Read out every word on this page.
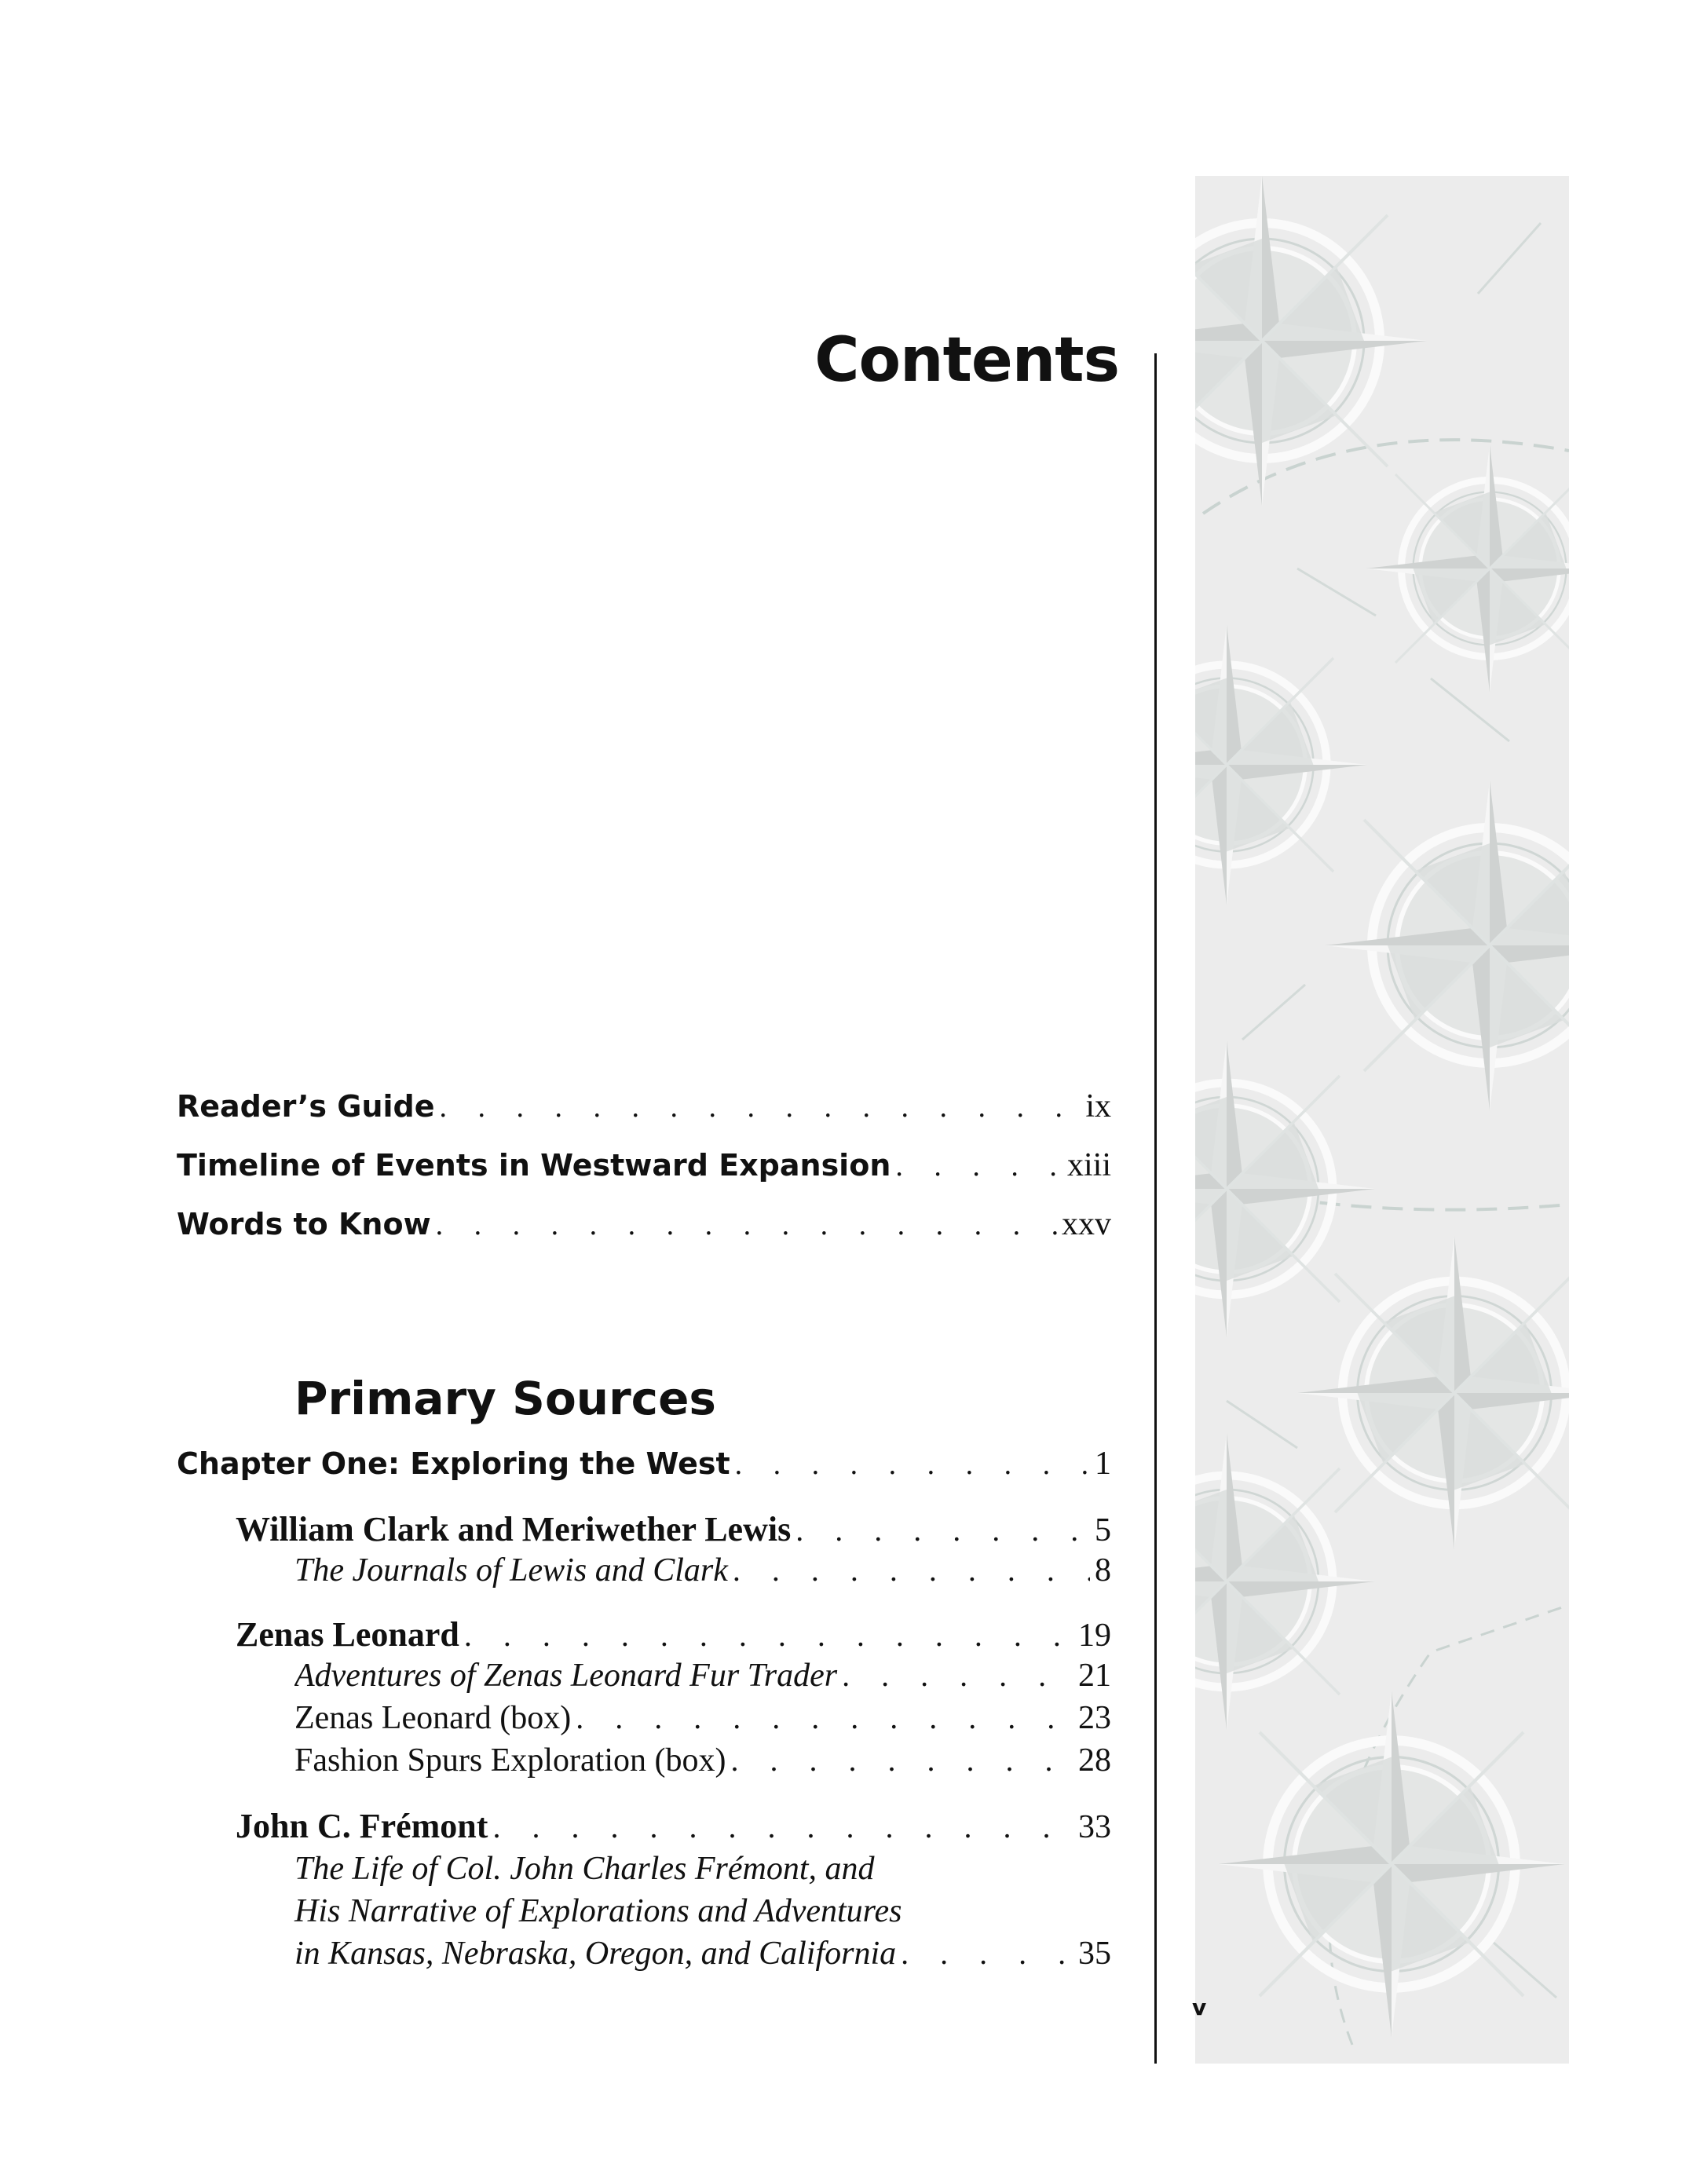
Contents
Reader’s Guide . . .	ix
Timeline of Events in Westward Expansion . . .	xiii
Words to Know . . .	xxv
Primary Sources
Chapter One: Exploring the West . . .	1
William Clark and Meriwether Lewis . . .	5
The Journals of Lewis and Clark . . .	8
Zenas Leonard . . .	19
Adventures of Zenas Leonard Fur Trader . . .	21
Zenas Leonard (box) . . .	23
Fashion Spurs Exploration (box) . . .	28
John C. Frémont . . .	33
The Life of Col. John Charles Frémont, and
His Narrative of Explorations and Adventures
in Kansas, Nebraska, Oregon, and California . . .	35
v
